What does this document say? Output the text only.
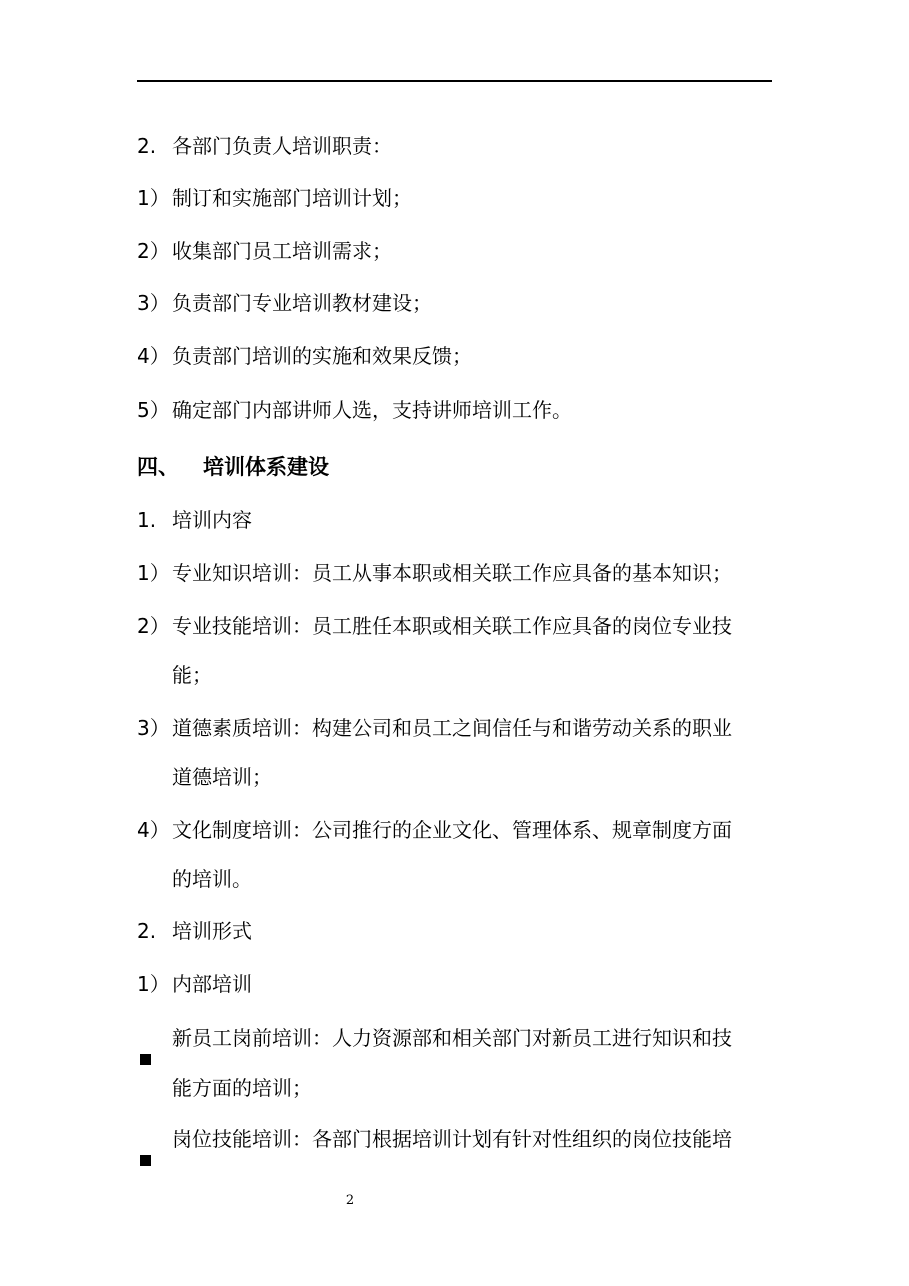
2. 各部门负责人培训职责：
1） 制订和实施部门培训计划；
2） 收集部门员工培训需求；
3） 负责部门专业培训教材建设；
4） 负责部门培训的实施和效果反馈；
5） 确定部门内部讲师人选，支持讲师培训工作。
四、 培训体系建设
1. 培训内容
1） 专业知识培训：员工从事本职或相关联工作应具备的基本知识；
2） 专业技能培训：员工胜任本职或相关联工作应具备的岗位专业技
能；
3） 道德素质培训：构建公司和员工之间信任与和谐劳动关系的职业
道德培训；
4） 文化制度培训：公司推行的企业文化、管理体系、规章制度方面
的培训。
2. 培训形式
1） 内部培训
新员工岗前培训：人力资源部和相关部门对新员工进行知识和技
能方面的培训；
岗位技能培训：各部门根据培训计划有针对性组织的岗位技能培
2
